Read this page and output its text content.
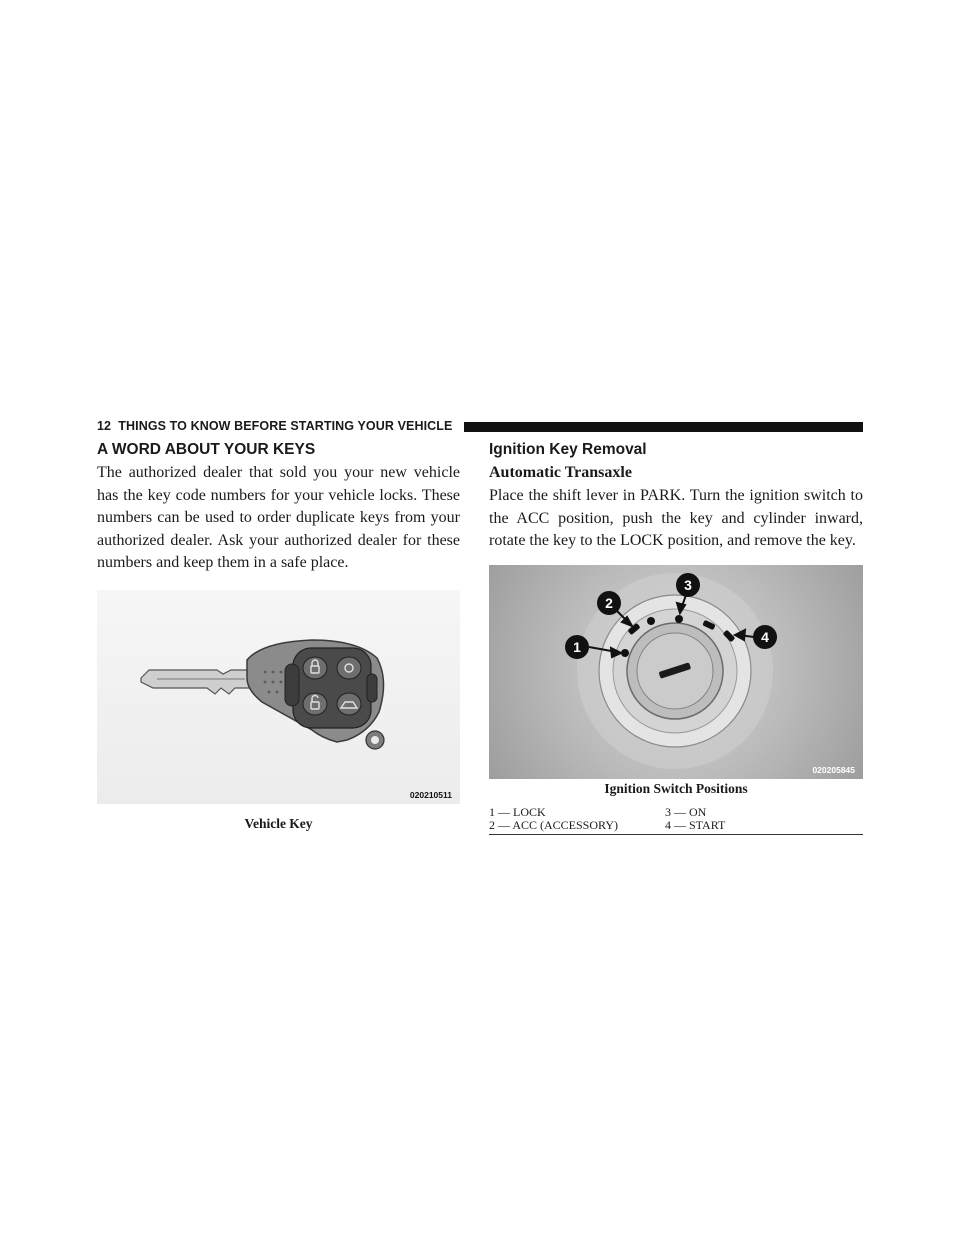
12 THINGS TO KNOW BEFORE STARTING YOUR VEHICLE
A WORD ABOUT YOUR KEYS

The authorized dealer that sold you your new vehicle has the key code numbers for your vehicle locks. These numbers can be used to order duplicate keys from your authorized dealer. Ask your authorized dealer for these numbers and keep them in a safe place.

020210511
Vehicle Key
Ignition Key Removal
Automatic Transaxle

Place the shift lever in PARK. Turn the ignition switch to the ACC position, push the key and cylinder inward, rotate the key to the LOCK position, and remove the key.

1
2
3
4
020205845
Ignition Switch Positions
1 — LOCK	3 — ON
2 — ACC (ACCESSORY)	4 — START
